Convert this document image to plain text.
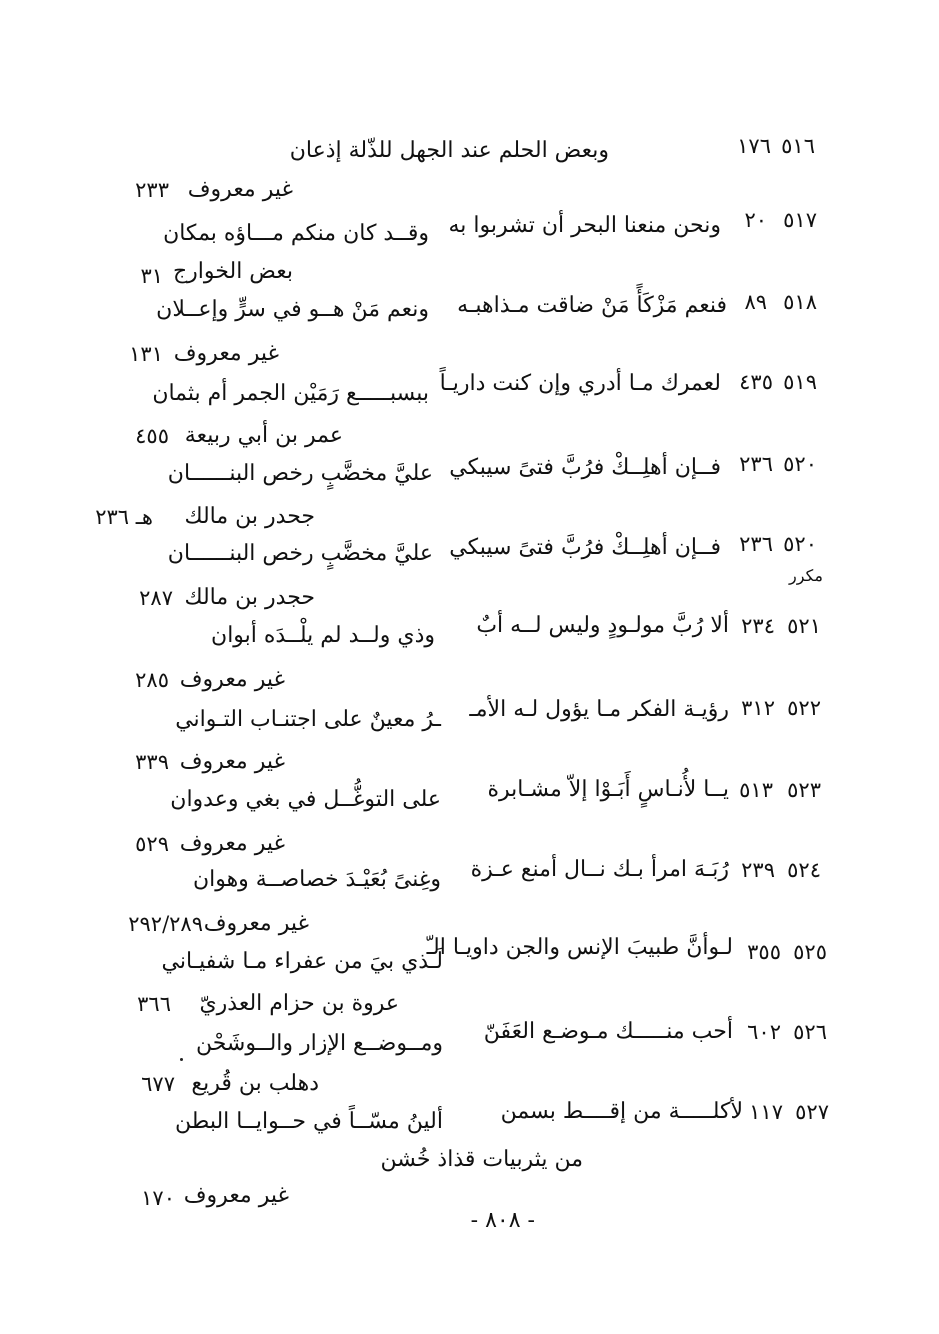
وبعض الحلم عند الجهل للذّلة إذعان	٥١٦
١٧٦
غير معروف
٢٣٣
٥١٧
٢٠
ونحن منعنا البحر أن تشربوا به
وقــد كان منكم مـــاؤه بمكان
بعض الخوارج
٣١
٥١٨
٨٩
فنعم مَزْكَأً مَنْ ضاقت مـذاهبـه
ونعم مَنْ هــو في سرٍّ وإعــلان
غير معروف
١٣١
٥١٩
٤٣٥
لعمرك مـا أدري وإن كنت داريـاً
ببسبـــــع رَمَيْن الجمر أم بثمان
عمر بن أبي ربيعة
٤٥٥
٥٢٠
٢٣٦
فــإن أهلِــكْ فرُبَّ فتىً سيبكي
عليَّ مخضَّبٍ رخص البنــــــان
جحدر بن مالك
هـ ٢٣٦
٥٢٠
٢٣٦
مكرر
فــإن أهلِــكْ فرُبَّ فتىً سيبكي
عليَّ مخضَّبٍ رخص البنــــــان
حجدر بن مالك
٢٨٧
٥٢١
٢٣٤
ألا رُبَّ مولـودٍ وليس لــه أبٌ
وذي ولــد لم يلْــدَه أبوان
غير معروف
٢٨٥
٥٢٢
٣١٢
رؤيـة الفكر مـا يؤول لـه الأمـ
ـرُ معينٌ على اجتنـاب التـواني
غير معروف
٣٣٩
٥٢٣
٥١٣
يــا لأُنـاسٍ أَبَـوْا إلاّ مشـابرة
على التوغُّــل في بغي وعدوان
غير معروف
٥٢٩
٥٢٤
٢٣٩
رُبَـهَ امرأ بـك نــال أمنع عـزة
وغِنىً بُعَيْـدَ خصاصــة وهوان
غير معروف
٢٩٢/٢٨٩
٥٢٥
٣٥٥
لـوأنَّ طبيبَ الإنس والجن داويـا الـّ
لَـذي بيَ من عفراء مـا شفيـاني
عروة بن حزام العذريّ
٣٦٦
٥٢٦
٦٠٢
أحب منـــــك مـوضـع العَفَنّ
ومــوضــع الإزار والــوشَحْن
دهلب بن قُريع
٦٧٧
٥٢٧
١١٧
لأكلـــــة من إقــــط بسمن
ألينُ مسّــاً في حــوايــا البطن
من يثربيات قذاذ خُشن
غير معروف
١٧٠
- ٨٠٨ -
